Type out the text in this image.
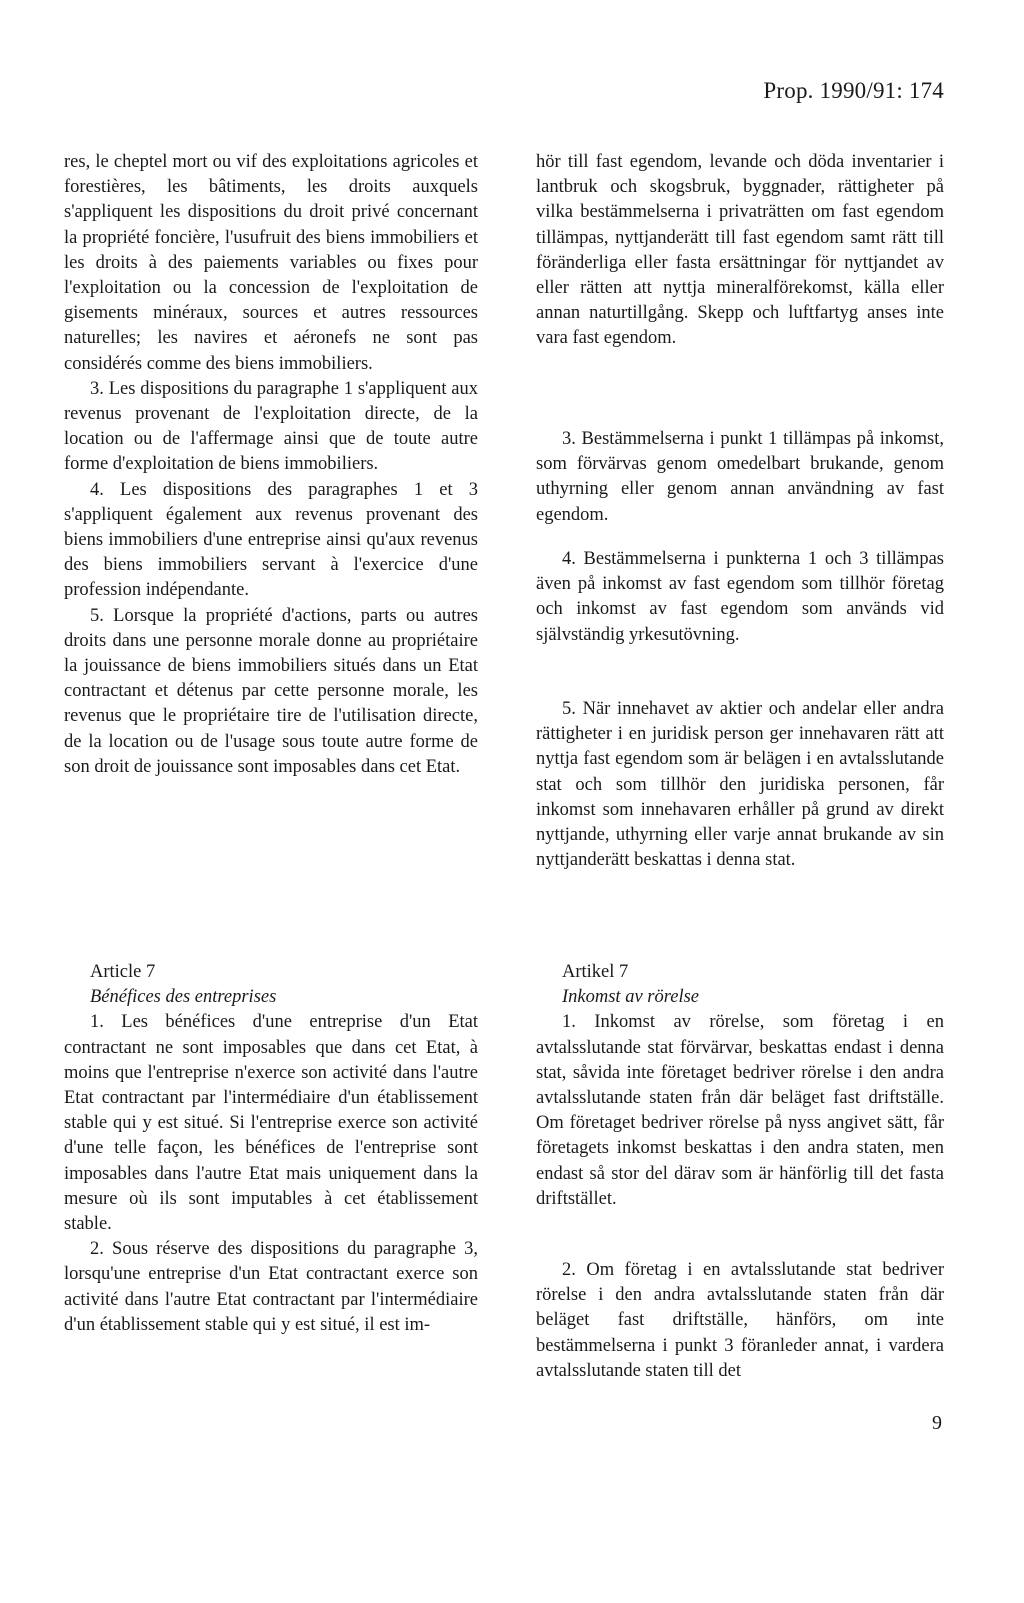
Prop. 1990/91: 174

res, le cheptel mort ou vif des exploitations agricoles et forestières, les bâtiments, les droits auxquels s'appliquent les dispositions du droit privé concernant la propriété foncière, l'usufruit des biens immobiliers et les droits à des paiements variables ou fixes pour l'exploitation ou la concession de l'exploitation de gisements minéraux, sources et autres ressources naturelles; les navires et aéronefs ne sont pas considérés comme des biens immobiliers.

3. Les dispositions du paragraphe 1 s'appliquent aux revenus provenant de l'exploitation directe, de la location ou de l'affermage ainsi que de toute autre forme d'exploitation de biens immobiliers.

4. Les dispositions des paragraphes 1 et 3 s'appliquent également aux revenus provenant des biens immobiliers d'une entreprise ainsi qu'aux revenus des biens immobiliers servant à l'exercice d'une profession indépendante.

5. Lorsque la propriété d'actions, parts ou autres droits dans une personne morale donne au propriétaire la jouissance de biens immobiliers situés dans un Etat contractant et détenus par cette personne morale, les revenus que le propriétaire tire de l'utilisation directe, de la location ou de l'usage sous toute autre forme de son droit de jouissance sont imposables dans cet Etat.

Article 7

Bénéfices des entreprises

1. Les bénéfices d'une entreprise d'un Etat contractant ne sont imposables que dans cet Etat, à moins que l'entreprise n'exerce son activité dans l'autre Etat contractant par l'intermédiaire d'un établissement stable qui y est situé. Si l'entreprise exerce son activité d'une telle façon, les bénéfices de l'entreprise sont imposables dans l'autre Etat mais uniquement dans la mesure où ils sont imputables à cet établissement stable.

2. Sous réserve des dispositions du paragraphe 3, lorsqu'une entreprise d'un Etat contractant exerce son activité dans l'autre Etat contractant par l'intermédiaire d'un établissement stable qui y est situé, il est im-

hör till fast egendom, levande och döda inventarier i lantbruk och skogsbruk, byggnader, rättigheter på vilka bestämmelserna i privaträtten om fast egendom tillämpas, nyttjanderätt till fast egendom samt rätt till föränderliga eller fasta ersättningar för nyttjandet av eller rätten att nyttja mineralförekomst, källa eller annan naturtillgång. Skepp och luftfartyg anses inte vara fast egendom.

3. Bestämmelserna i punkt 1 tillämpas på inkomst, som förvärvas genom omedelbart brukande, genom uthyrning eller genom annan användning av fast egendom.

4. Bestämmelserna i punkterna 1 och 3 tillämpas även på inkomst av fast egendom som tillhör företag och inkomst av fast egendom som används vid självständig yrkesutövning.

5. När innehavet av aktier och andelar eller andra rättigheter i en juridisk person ger innehavaren rätt att nyttja fast egendom som är belägen i en avtalsslutande stat och som tillhör den juridiska personen, får inkomst som innehavaren erhåller på grund av direkt nyttjande, uthyrning eller varje annat brukande av sin nyttjanderätt beskattas i denna stat.

Artikel 7

Inkomst av rörelse

1. Inkomst av rörelse, som företag i en avtalsslutande stat förvärvar, beskattas endast i denna stat, såvida inte företaget bedriver rörelse i den andra avtalsslutande staten från där beläget fast driftställe. Om företaget bedriver rörelse på nyss angivet sätt, får företagets inkomst beskattas i den andra staten, men endast så stor del därav som är hänförlig till det fasta driftstället.

2. Om företag i en avtalsslutande stat bedriver rörelse i den andra avtalsslutande staten från där beläget fast driftställe, hänförs, om inte bestämmelserna i punkt 3 föranleder annat, i vardera avtalsslutande staten till det

9
